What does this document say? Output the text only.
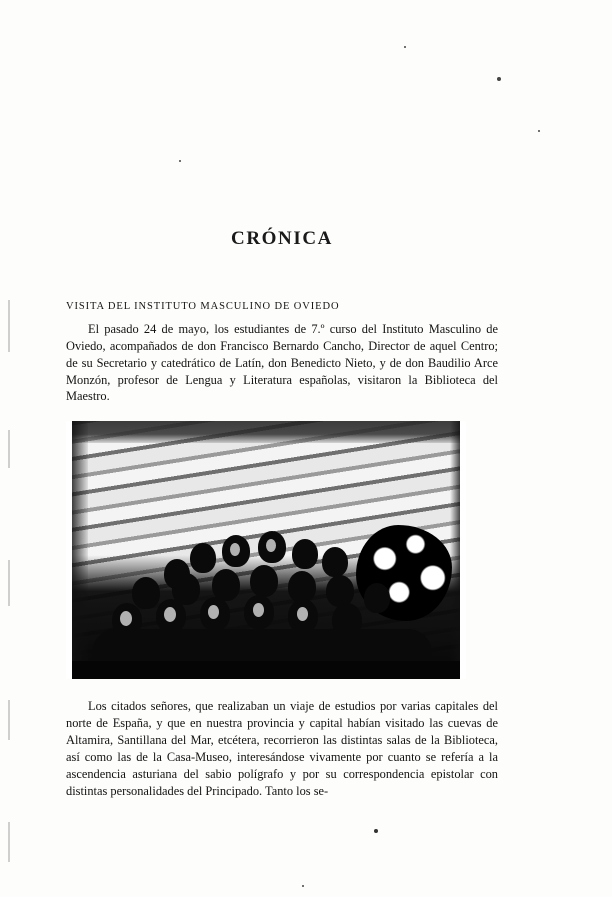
CRÓNICA
VISITA DEL INSTITUTO MASCULINO DE OVIEDO

El pasado 24 de mayo, los estudiantes de 7.º curso del Instituto Masculino de Oviedo, acompañados de don Francisco Bernardo Cancho, Director de aquel Centro; de su Secretario y catedrático de Latín, don Benedicto Nieto, y de don Baudilio Arce Monzón, profesor de Lengua y Literatura españolas, visitaron la Biblioteca del Maestro.

Los citados señores, que realizaban un viaje de estudios por varias capitales del norte de España, y que en nuestra provincia y capital habían visitado las cuevas de Altamira, Santillana del Mar, etcétera, recorrieron las distintas salas de la Biblioteca, así como las de la Casa-Museo, interesándose vivamente por cuanto se refería a la ascendencia asturiana del sabio polígrafo y por su correspondencia epistolar con distintas personalidades del Principado. Tanto los se-
